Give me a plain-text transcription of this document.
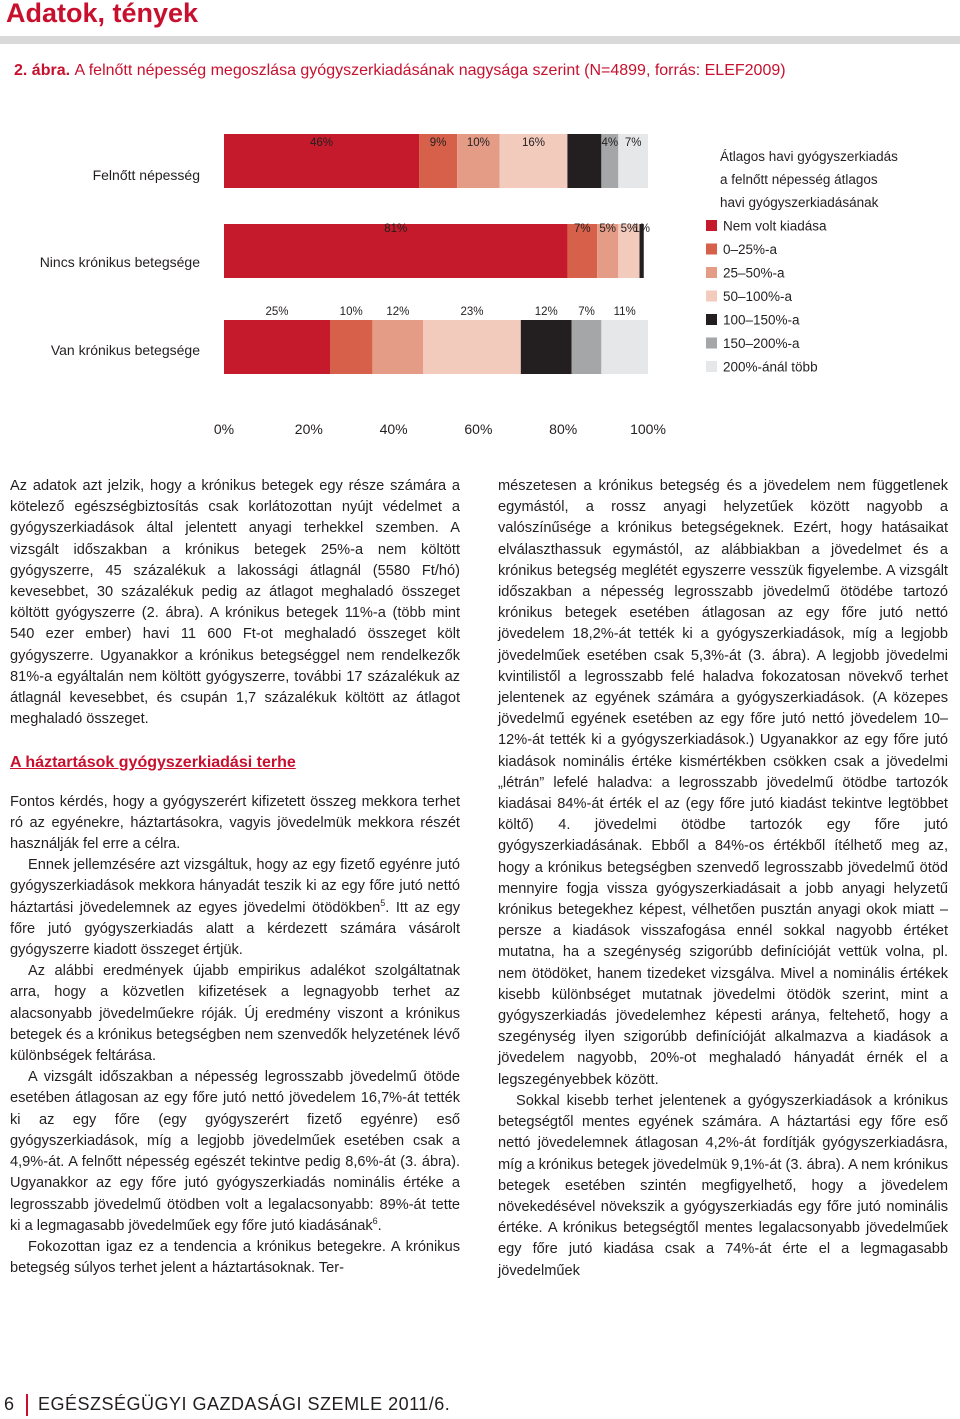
Adatok, tények
2. ábra. A felnőtt népesség megoszlása gyógyszerkiadásának nagysága szerint (N=4899, forrás: ELEF2009)
Felnőtt népesség
46%	9% 10%	16%	8% 4% 7%
Nincs krónikus betegsége
81%	7% 5% 5%
1%
Van krónikus betegsége
25%	10% 12%	23%	12% 7% 11%
0%	20%	40%	60%	80%	100%
Átlagos havi gyógyszerkiadás
a felnőtt népesség átlagos
havi gyógyszerkiadásának
Nem volt kiadása
0‒25%-a
25‒50%-a
50‒100%-a
100‒150%-a
150‒200%-a
200%-ánál több

Az adatok azt jelzik, hogy a krónikus betegek egy része számára a kötelező egészségbiztosítás csak korlátozottan nyújt védelmet a gyógyszerkiadások által jelentett anyagi terhekkel szemben. A vizsgált időszakban a krónikus betegek 25%-a nem költött gyógyszerre, 45 százalékuk a lakossági átlagnál (5580 Ft/hó) kevesebbet, 30 százalékuk pedig az átlagot meghaladó összeget költött gyógyszerre (2. ábra). A krónikus betegek 11%-a (több mint 540 ezer ember) havi 11 600 Ft-ot meghaladó összeget költ gyógyszerre. Ugyanakkor a krónikus betegséggel nem rendelkezők 81%-a egyáltalán nem költött gyógyszerre, további 17 százalékuk az átlagnál kevesebbet, és csupán 1,7 százalékuk költött az átlagot meghaladó összeget.

A háztartások gyógyszerkiadási terhe

Fontos kérdés, hogy a gyógyszerért kifizetett összeg mekkora terhet ró az egyénekre, háztartásokra, vagyis jövedelmük mekkora részét használják fel erre a célra.

Ennek jellemzésére azt vizsgáltuk, hogy az egy fizető egyénre jutó gyógyszerkiadások mekkora hányadát teszik ki az egy főre jutó nettó háztartási jövedelemnek az egyes jövedelmi ötödökben$^5$. Itt az egy főre jutó gyógyszerkiadás alatt a kérdezett számára vásárolt gyógyszerre kiadott összeget értjük.

Az alábbi eredmények újabb empirikus adalékot szolgáltatnak arra, hogy a közvetlen kifizetések a legnagyobb terhet az alacsonyabb jövedelműekre róják. Új eredmény viszont a krónikus betegek és a krónikus betegségben nem szenvedők helyzetének lévő különbségek feltárása.

A vizsgált időszakban a népesség legrosszabb jövedelmű ötöde esetében átlagosan az egy főre jutó nettó jövedelem 16,7%-át tették ki az egy főre (egy gyógyszerért fizető egyénre) eső gyógyszerkiadások, míg a legjobb jövedelműek esetében csak a 4,9%-át. A felnőtt népesség egészét tekintve pedig 8,6%-át (3. ábra). Ugyanakkor az egy főre jutó gyógyszerkiadás nominális értéke a legrosszabb jövedelmű ötödben volt a legalacsonyabb: 89%-át tette ki a legmagasabb jövedelműek egy főre jutó kiadásának$^6$.

Fokozottan igaz ez a tendencia a krónikus betegekre. A krónikus betegség súlyos terhet jelent a háztartásoknak. Ter-

mészetesen a krónikus betegség és a jövedelem nem függetlenek egymástól, a rossz anyagi helyzetűek között nagyobb a valószínűsége a krónikus betegségeknek. Ezért, hogy hatásaikat elválaszthassuk egymástól, az alábbiakban a jövedelmet és a krónikus betegség meglétét egyszerre vesszük figyelembe. A vizsgált időszakban a népesség legrosszabb jövedelmű ötödébe tartozó krónikus betegek esetében átlagosan az egy főre jutó nettó jövedelem 18,2%-át tették ki a gyógyszerkiadások, míg a legjobb jövedelműek esetében csak 5,3%-át (3. ábra). A legjobb jövedelmi kvintilistől a legrosszabb felé haladva fokozatosan növekvő terhet jelentenek az egyének számára a gyógyszerkiadások. (A közepes jövedelmű egyének esetében az egy főre jutó nettó jövedelem 10‒12%-át tették ki a gyógyszerkiadások.) Ugyanakkor az egy főre jutó kiadások nominális értéke kismértékben csökken csak a jövedelmi „létrán” lefelé haladva: a legrosszabb jövedelmű ötödbe tartozók kiadásai 84%-át érték el az (egy főre jutó kiadást tekintve legtöbbet költő) 4. jövedelmi ötödbe tartozók egy főre jutó gyógyszerkiadásának. Ebből a 84%-os értékből ítélhető meg az, hogy a krónikus betegségben szenvedő legrosszabb jövedelmű ötöd mennyire fogja vissza gyógyszerkiadásait a jobb anyagi helyzetű krónikus betegekhez képest, vélhetően pusztán anyagi okok miatt ‒ persze a kiadások visszafogása ennél sokkal nagyobb értéket mutatna, ha a szegénység szigorúbb definícióját vettük volna, pl. nem ötödöket, hanem tizedeket vizsgálva. Mivel a nominális értékek kisebb különbséget mutatnak jövedelmi ötödök szerint, mint a gyógyszerkiadás jövedelemhez képesti aránya, feltehető, hogy a szegénység ilyen szigorúbb definícióját alkalmazva a kiadások a jövedelem nagyobb, 20%-ot meghaladó hányadát érnék el a legszegényebbek között.

Sokkal kisebb terhet jelentenek a gyógyszerkiadások a krónikus betegségtől mentes egyének számára. A háztartási egy főre eső nettó jövedelemnek átlagosan 4,2%-át fordítják gyógyszerkiadásra, míg a krónikus betegek jövedelmük 9,1%-át (3. ábra). A nem krónikus betegek esetében szintén megfigyelhető, hogy a jövedelem növekedésével növekszik a gyógyszerkiadás egy főre jutó nominális értéke. A krónikus betegségtől mentes legalacsonyabb jövedelműek egy főre jutó kiadása csak a 74%-át érte el a legmagasabb jövedelműek

6 EGÉSZSÉGÜGYI GAZDASÁGI SZEMLE 2011/6.
